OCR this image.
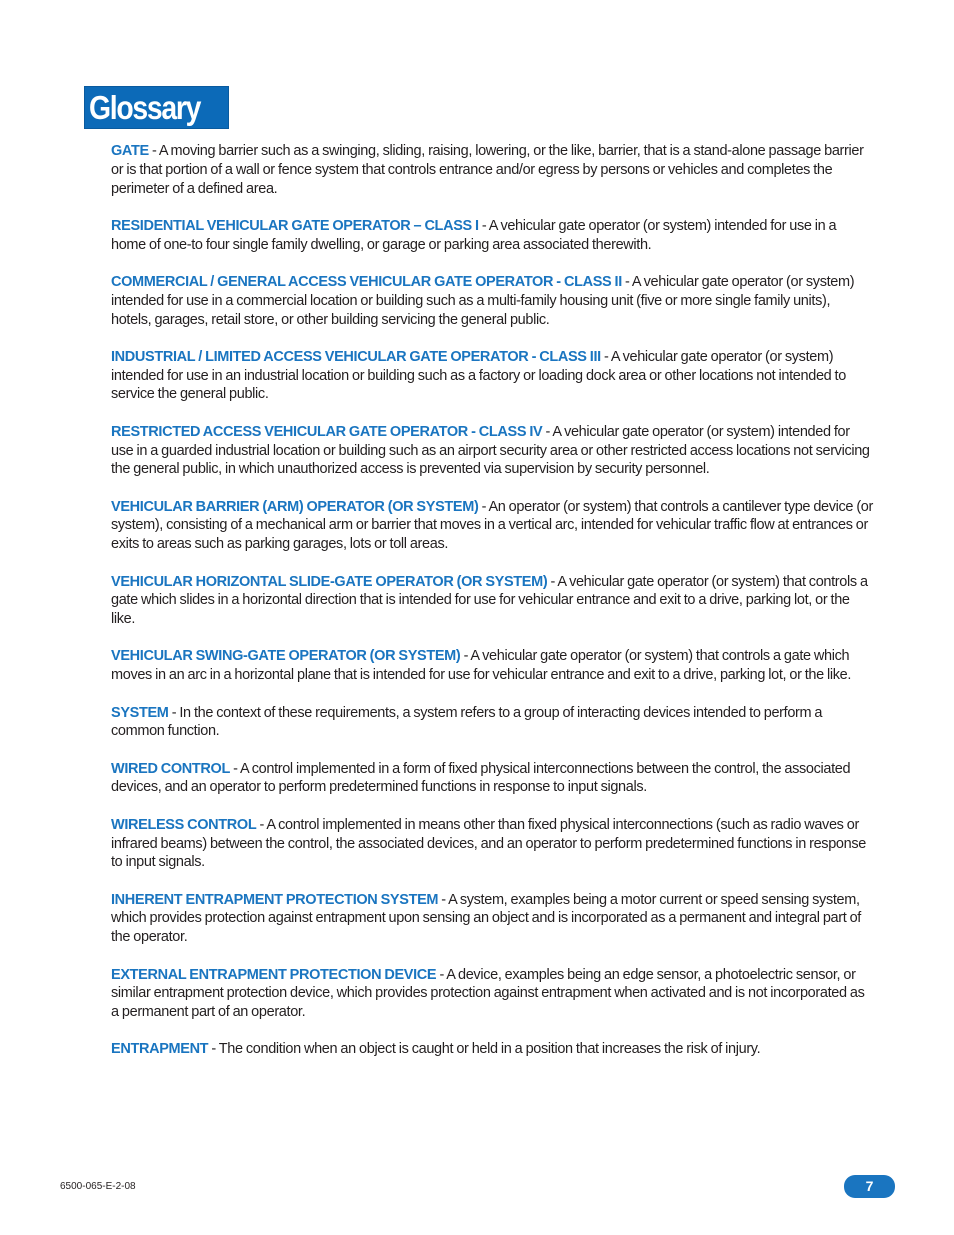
Glossary

GATE - A moving barrier such as a swinging, sliding, raising, lowering, or the like, barrier, that is a stand-alone passage barrier or is that portion of a wall or fence system that controls entrance and/or egress by persons or vehicles and completes the perimeter of a defined area.

RESIDENTIAL VEHICULAR GATE OPERATOR – CLASS I - A vehicular gate operator (or system) intended for use in a home of one-to four single family dwelling, or garage or parking area associated therewith.

COMMERCIAL / GENERAL ACCESS VEHICULAR GATE OPERATOR - CLASS II - A vehicular gate operator (or system) intended for use in a commercial location or building such as a multi-family housing unit (five or more single family units), hotels, garages, retail store, or other building servicing the general public.

INDUSTRIAL / LIMITED ACCESS VEHICULAR GATE OPERATOR - CLASS III - A vehicular gate operator (or system) intended for use in an industrial location or building such as a factory or loading dock area or other locations not intended to service the general public.

RESTRICTED ACCESS VEHICULAR GATE OPERATOR - CLASS IV - A vehicular gate operator (or system) intended for use in a guarded industrial location or building such as an airport security area or other restricted access locations not servicing the general public, in which unauthorized access is prevented via supervision by security personnel.

VEHICULAR BARRIER (ARM) OPERATOR (OR SYSTEM) - An operator (or system) that controls a cantilever type device (or system), consisting of a mechanical arm or barrier that moves in a vertical arc, intended for vehicular traffic flow at entrances or exits to areas such as parking garages, lots or toll areas.

VEHICULAR HORIZONTAL SLIDE-GATE OPERATOR (OR SYSTEM) - A vehicular gate operator (or system) that controls a gate which slides in a horizontal direction that is intended for use for vehicular entrance and exit to a drive, parking lot, or the like.

VEHICULAR SWING-GATE OPERATOR (OR SYSTEM) - A vehicular gate operator (or system) that controls a gate which moves in an arc in a horizontal plane that is intended for use for vehicular entrance and exit to a drive, parking lot, or the like.

SYSTEM - In the context of these requirements, a system refers to a group of interacting devices intended to perform a common function.

WIRED CONTROL - A control implemented in a form of fixed physical interconnections between the control, the associated devices, and an operator to perform predetermined functions in response to input signals.

WIRELESS CONTROL - A control implemented in means other than fixed physical interconnections (such as radio waves or infrared beams) between the control, the associated devices, and an operator to perform predetermined functions in response to input signals.

INHERENT ENTRAPMENT PROTECTION SYSTEM - A system, examples being a motor current or speed sensing system, which provides protection against entrapment upon sensing an object and is incorporated as a permanent and integral part of the operator.

EXTERNAL ENTRAPMENT PROTECTION DEVICE - A device, examples being an edge sensor, a photoelectric sensor, or similar entrapment protection device, which provides protection against entrapment when activated and is not incorporated as a permanent part of an operator.

ENTRAPMENT - The condition when an object is caught or held in a position that increases the risk of injury.

6500-065-E-2-08	7
